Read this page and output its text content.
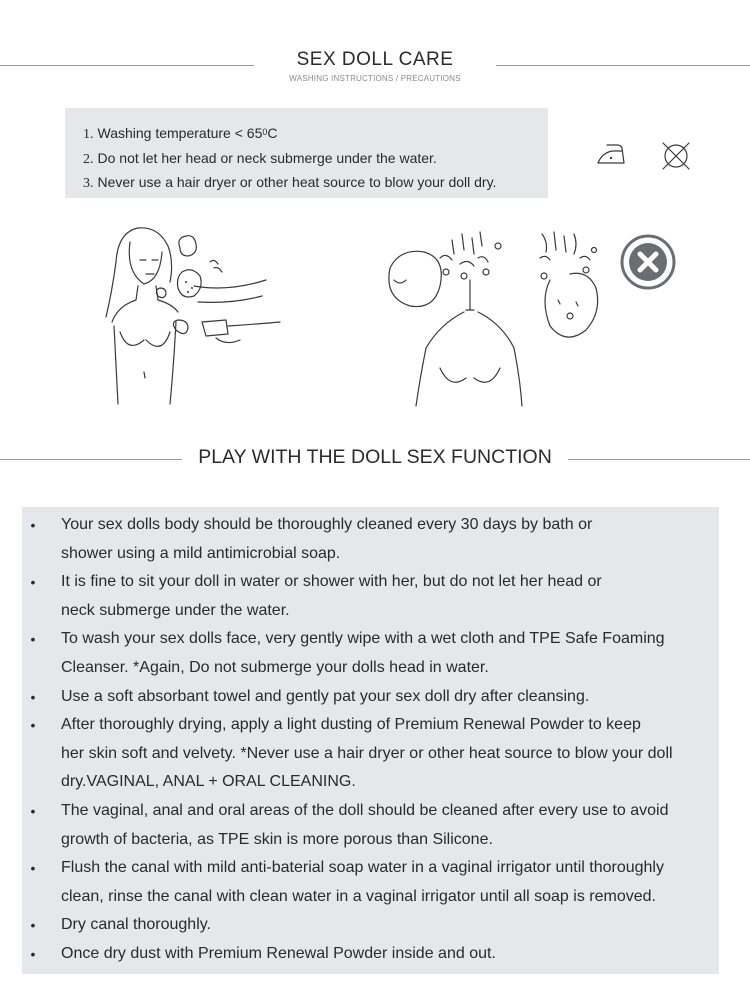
SEX DOLL CARE
WASHING INSTRUCTIONS / PRECAUTIONS
1. Washing temperature < $65^0C$
2. Do not let her head or neck submerge under the water.
3. Never use a hair dryer or other heat source to blow your doll dry.
PLAY WITH THE DOLL SEX FUNCTION
• Your sex dolls body should be thoroughly cleaned every 30 days by bath or
shower using a mild antimicrobial soap.
• It is fine to sit your doll in water or shower with her, but do not let her head or
neck submerge under the water.
• To wash your sex dolls face, very gently wipe with a wet cloth and TPE Safe Foaming
Cleanser. *Again, Do not submerge your dolls head in water.
• Use a soft absorbant towel and gently pat your sex doll dry after cleansing.
• After thoroughly drying, apply a light dusting of Premium Renewal Powder to keep
her skin soft and velvety. *Never use a hair dryer or other heat source to blow your doll
dry.VAGINAL, ANAL + ORAL CLEANING.
• The vaginal, anal and oral areas of the doll should be cleaned after every use to avoid
growth of bacteria, as TPE skin is more porous than Silicone.
• Flush the canal with mild anti-baterial soap water in a vaginal irrigator until thoroughly
clean, rinse the canal with clean water in a vaginal irrigator until all soap is removed.
• Dry canal thoroughly.
• Once dry dust with Premium Renewal Powder inside and out.
